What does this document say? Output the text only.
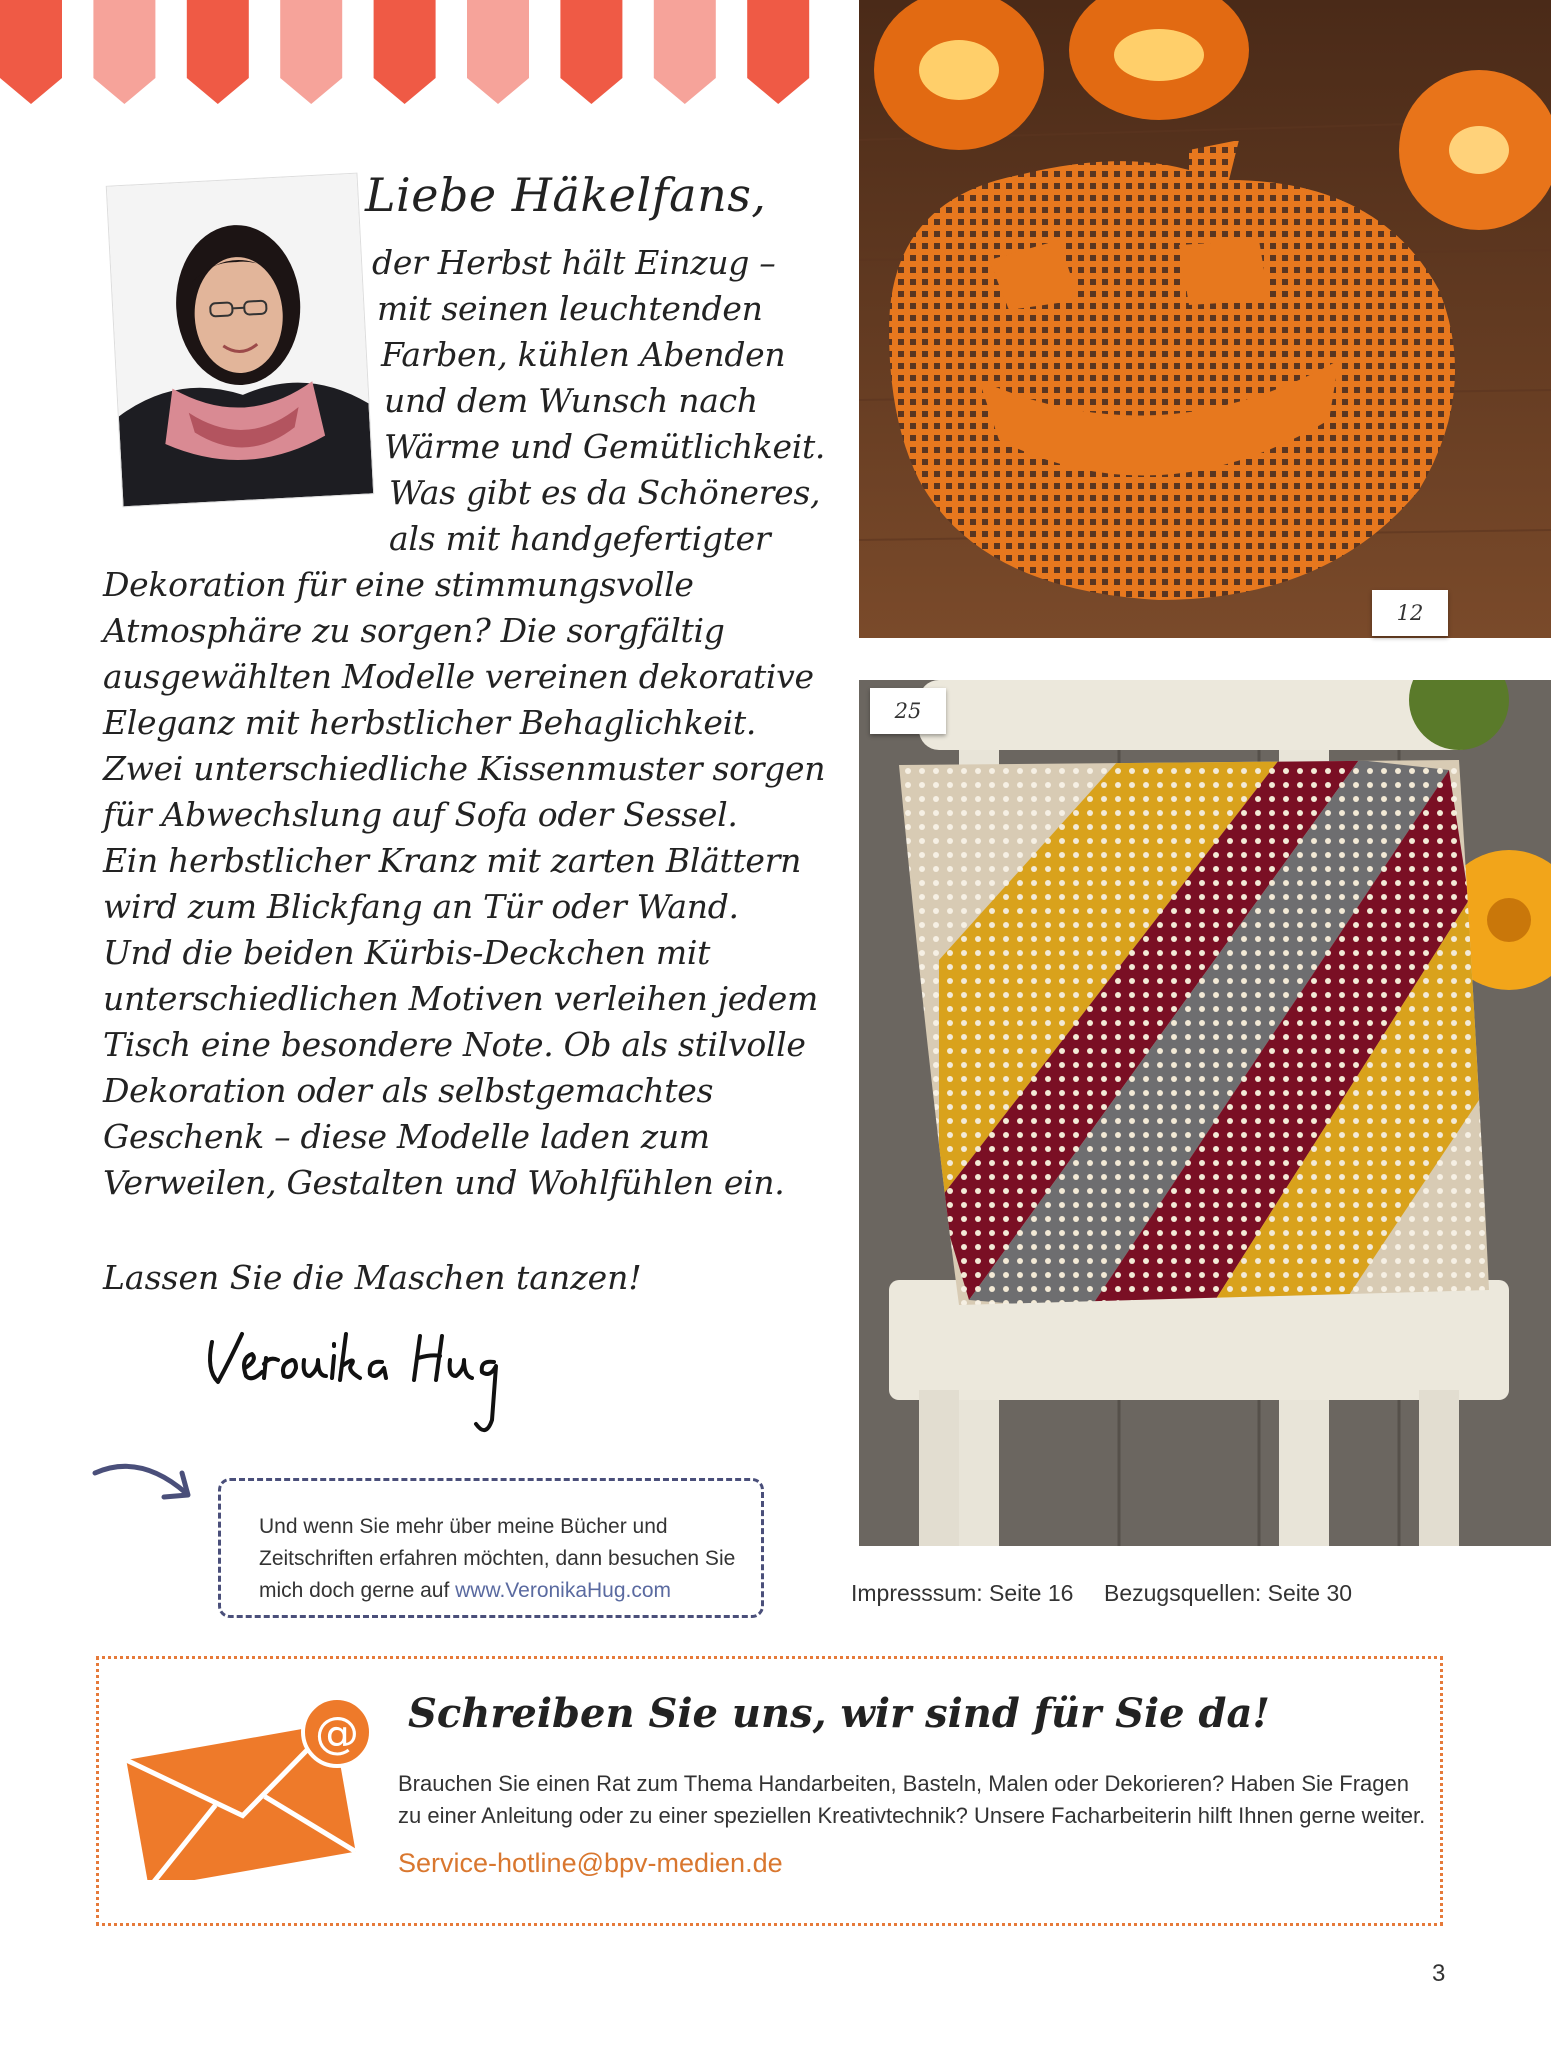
Liebe Häkelfans,
der Herbst hält Einzug –
mit seinen leuchtenden
Farben, kühlen Abenden
und dem Wunsch nach
Wärme und Gemütlichkeit.
Was gibt es da Schöneres,
als mit handgefertigter
Dekoration für eine stimmungsvolle
Atmosphäre zu sorgen? Die sorgfältig
ausgewählten Modelle vereinen dekorative
Eleganz mit herbstlicher Behaglichkeit.
Zwei unterschiedliche Kissenmuster sorgen
für Abwechslung auf Sofa oder Sessel.
Ein herbstlicher Kranz mit zarten Blättern
wird zum Blickfang an Tür oder Wand.
Und die beiden Kürbis-Deckchen mit
unterschiedlichen Motiven verleihen jedem
Tisch eine besondere Note. Ob als stilvolle
Dekoration oder als selbstgemachtes
Geschenk – diese Modelle laden zum
Verweilen, Gestalten und Wohlfühlen ein.
Lassen Sie die Maschen tanzen!
Und wenn Sie mehr über meine Bücher und
Zeitschriften erfahren möchten, dann besuchen Sie
mich doch gerne auf www.VeronikaHug.com
12
25
Impresssum: Seite 16 Bezugsquellen: Seite 30
@ Schreiben Sie uns, wir sind für Sie da!
Brauchen Sie einen Rat zum Thema Handarbeiten, Basteln, Malen oder Dekorieren? Haben Sie Fragen
zu einer Anleitung oder zu einer speziellen Kreativtechnik? Unsere Facharbeiterin hilft Ihnen gerne weiter.
Service-hotline@bpv-medien.de
3
